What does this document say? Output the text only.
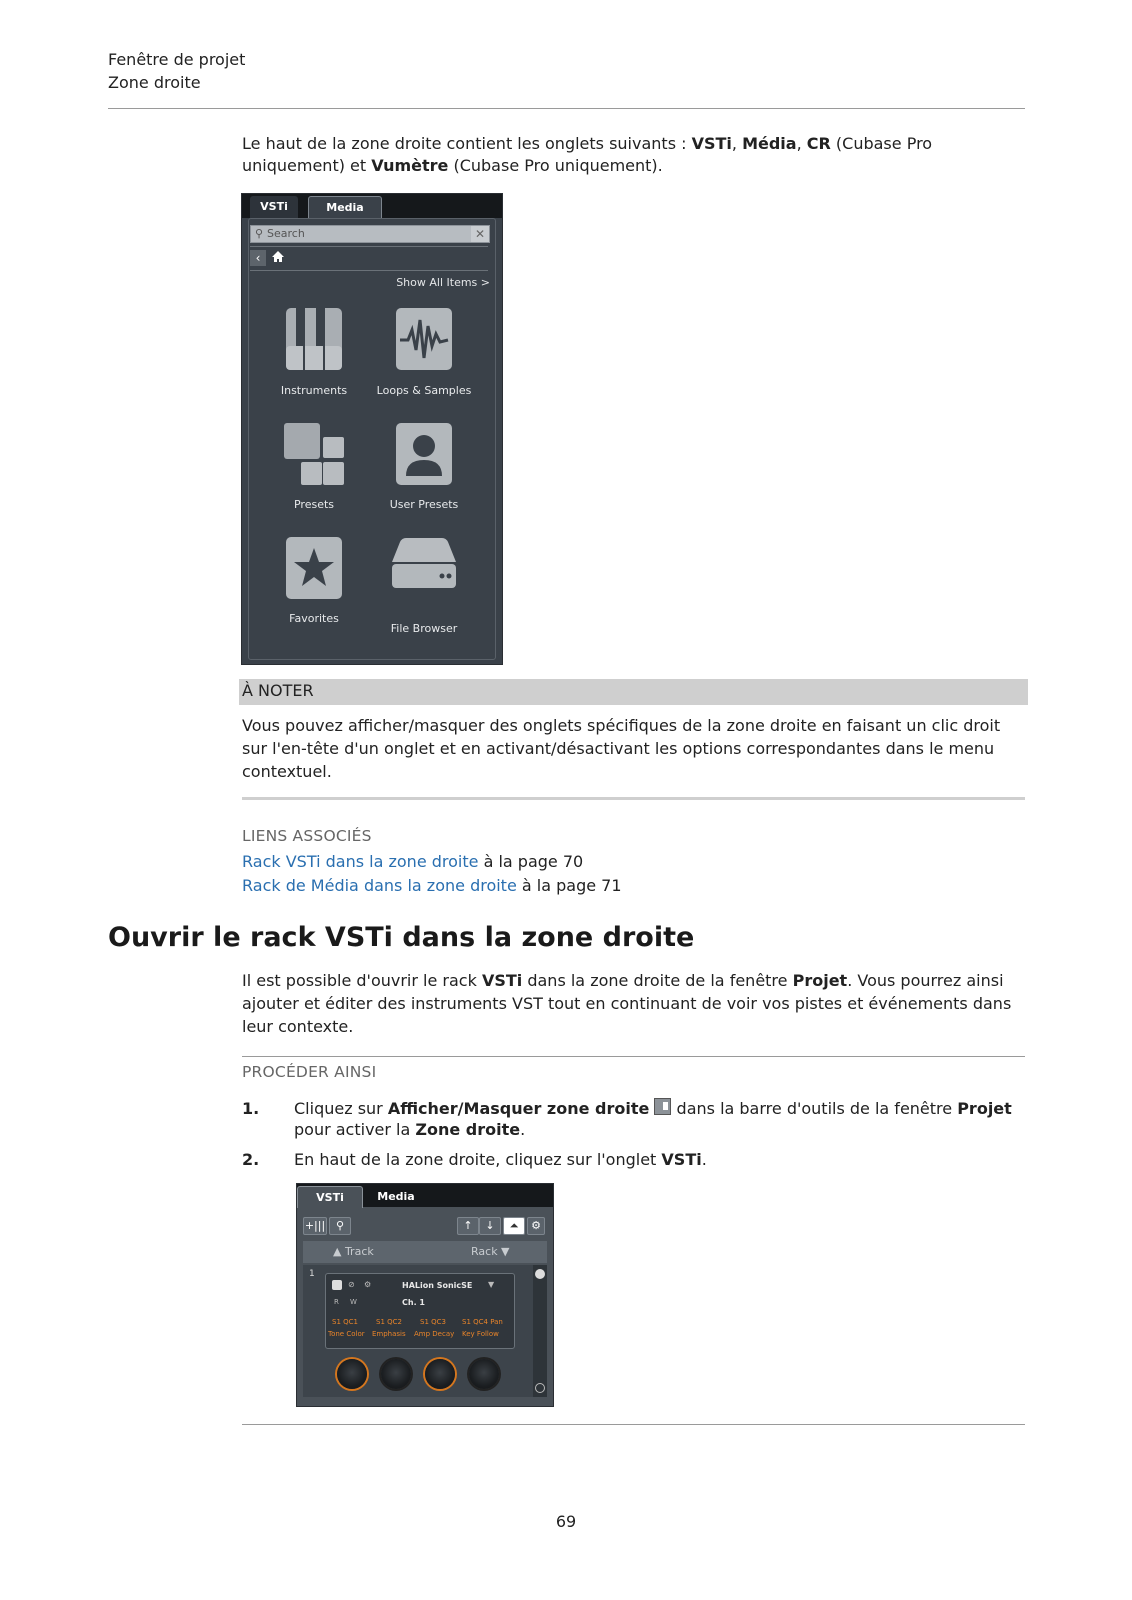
Fenêtre de projet
Zone droite
Le haut de la zone droite contient les onglets suivants : VSTi, Média, CR (Cubase Pro
uniquement) et Vumètre (Cubase Pro uniquement).
VSTi	Media
⚲ Search	✕
‹
Show All Items >
Instruments	Loops & Samples
Presets	User Presets
Favorites
File Browser
À NOTER
Vous pouvez afficher/masquer des onglets spécifiques de la zone droite en faisant un clic droit
sur l'en-tête d'un onglet et en activant/désactivant les options correspondantes dans le menu
contextuel.
LIENS ASSOCIÉS
Rack VSTi dans la zone droite à la page 70
Rack de Média dans la zone droite à la page 71
Ouvrir le rack VSTi dans la zone droite
Il est possible d'ouvrir le rack VSTi dans la zone droite de la fenêtre Projet. Vous pourrez ainsi
ajouter et éditer des instruments VST tout en continuant de voir vos pistes et événements dans
leur contexte.
PROCÉDER AINSI
1. Cliquez sur Afficher/Masquer zone droite
dans la barre d'outils de la fenêtre Projet
pour activer la Zone droite.
2. En haut de la zone droite, cliquez sur l'onglet VSTi.
VSTi	Media
+||| ⚲	↑	↓	⏶	⚙
▲ Track	Rack ▼
1
⊘ ⚙	HALion SonicSE ▼
R W	Ch. 1
S1 QC1	S1 QC2	S1 QC3 S1 QC4 Pan
Tone Color Emphasis Amp Decay Key Follow
69
